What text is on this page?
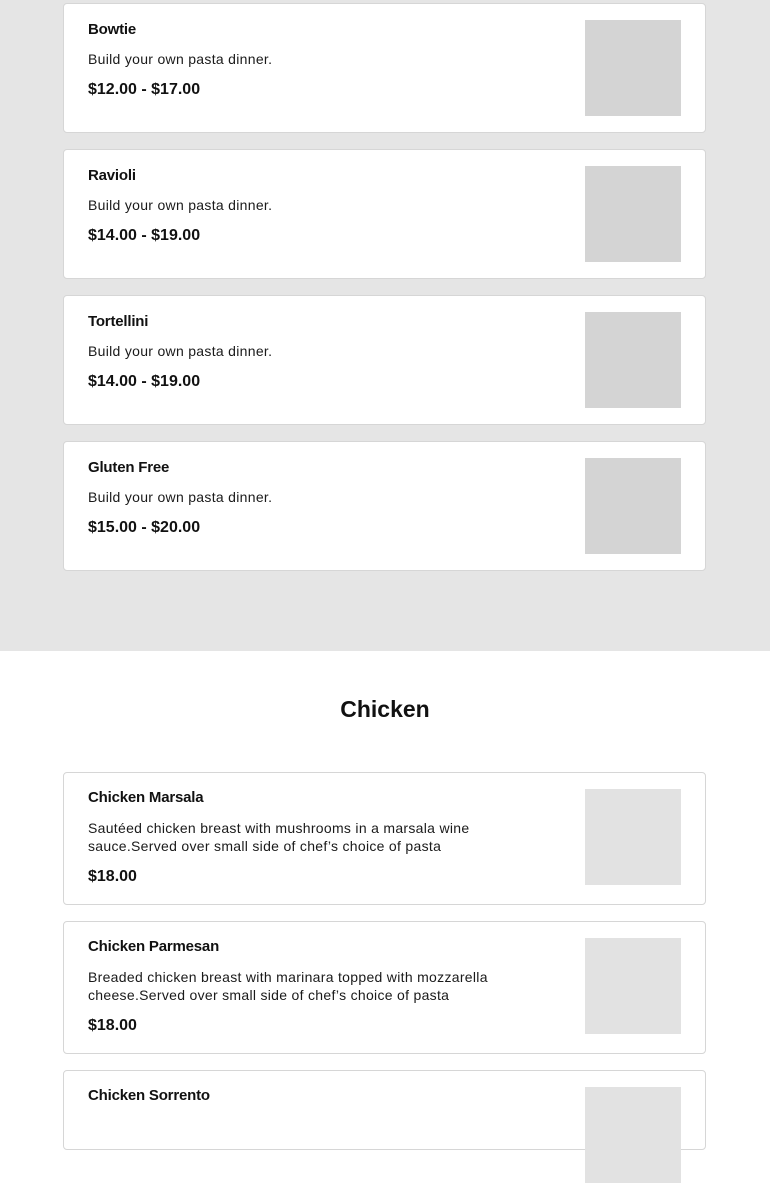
Bowtie
Build your own pasta dinner.
$12.00 - $17.00
Ravioli
Build your own pasta dinner.
$14.00 - $19.00
Tortellini
Build your own pasta dinner.
$14.00 - $19.00
Gluten Free
Build your own pasta dinner.
$15.00 - $20.00
Chicken
Chicken Marsala
Sautéed chicken breast with mushrooms in a marsala wine sauce.Served over small side of chef’s choice of pasta
$18.00
Chicken Parmesan
Breaded chicken breast with marinara topped with mozzarella cheese.Served over small side of chef’s choice of pasta
$18.00
Chicken Sorrento
